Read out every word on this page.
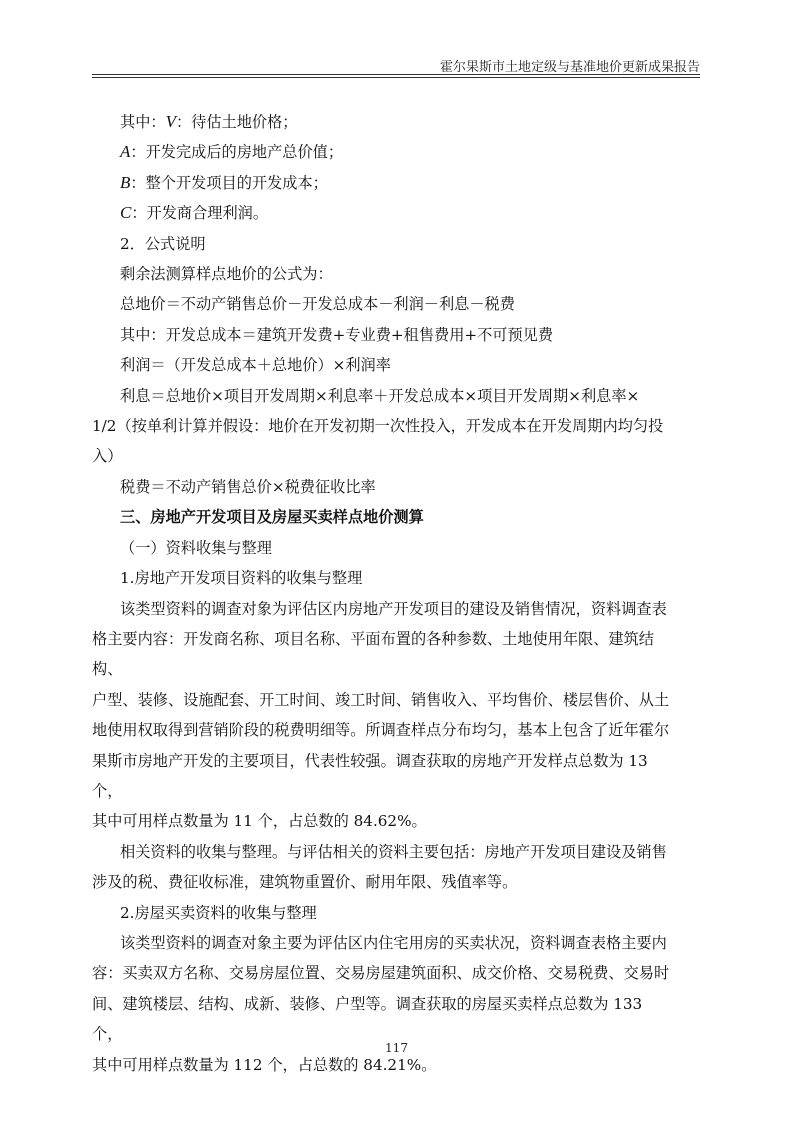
霍尔果斯市土地定级与基准地价更新成果报告
其中：V：待估土地价格；
A：开发完成后的房地产总价值；
B：整个开发项目的开发成本；
C：开发商合理利润。
2．公式说明
剩余法测算样点地价的公式为：
总地价＝不动产销售总价－开发总成本－利润－利息－税费
其中：开发总成本＝建筑开发费+专业费+租售费用+不可预见费
利润＝（开发总成本＋总地价）×利润率
利息＝总地价×项目开发周期×利息率＋开发总成本×项目开发周期×利息率×
1/2（按单利计算并假设：地价在开发初期一次性投入，开发成本在开发周期内均匀投
入）
税费＝不动产销售总价×税费征收比率
三、房地产开发项目及房屋买卖样点地价测算
（一）资料收集与整理
1.房地产开发项目资料的收集与整理
该类型资料的调查对象为评估区内房地产开发项目的建设及销售情况，资料调查表
格主要内容：开发商名称、项目名称、平面布置的各种参数、土地使用年限、建筑结构、
户型、装修、设施配套、开工时间、竣工时间、销售收入、平均售价、楼层售价、从土
地使用权取得到营销阶段的税费明细等。所调查样点分布均匀，基本上包含了近年霍尔
果斯市房地产开发的主要项目，代表性较强。调查获取的房地产开发样点总数为 13 个，
其中可用样点数量为 11 个，占总数的 84.62%。
相关资料的收集与整理。与评估相关的资料主要包括：房地产开发项目建设及销售
涉及的税、费征收标准，建筑物重置价、耐用年限、残值率等。
2.房屋买卖资料的收集与整理
该类型资料的调查对象主要为评估区内住宅用房的买卖状况，资料调查表格主要内
容：买卖双方名称、交易房屋位置、交易房屋建筑面积、成交价格、交易税费、交易时
间、建筑楼层、结构、成新、装修、户型等。调查获取的房屋买卖样点总数为 133 个，
其中可用样点数量为 112 个，占总数的 84.21%。
117
